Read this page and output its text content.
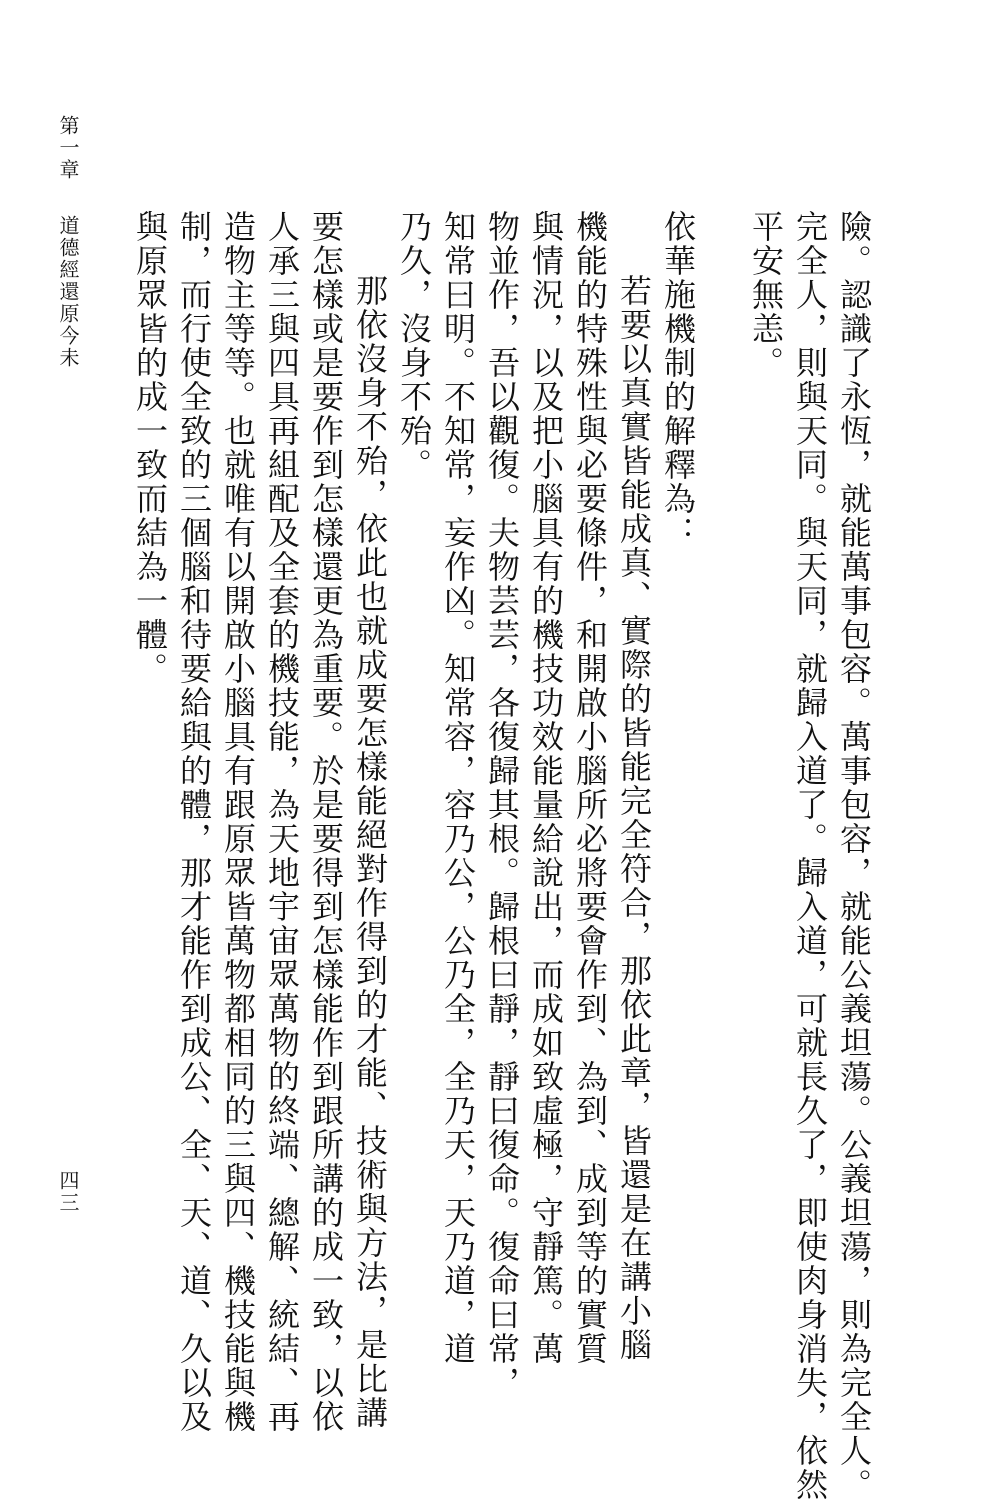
第一章道德經還原今未
四三	險。認識了永恆，就能萬事包容。萬事包容，就能公義坦蕩。公義坦蕩，則為完全人。
完全人，則與天同。與天同，就歸入道了。歸入道，可就長久了，即使肉身消失，依然
平安無恙。
依華施機制的解釋為：
　若要以真實皆能成真、實際的皆能完全符合，那依此章，皆還是在講小腦
機能的特殊性與必要條件，和開啟小腦所必將要會作到、為到、成到等的實質
與情況，以及把小腦具有的機技功效能量給說出，而成如致虛極，守靜篤。萬
物並作，吾以觀復。夫物芸芸，各復歸其根。歸根曰靜，靜曰復命。復命曰常，
知常曰明。不知常，妄作凶。知常容，容乃公，公乃全，全乃天，天乃道，道
乃久，沒身不殆。
　那依沒身不殆，依此也就成要怎樣能絕對作得到的才能、技術與方法，是比講
要怎樣或是要作到怎樣還更為重要。於是要得到怎樣能作到跟所講的成一致，以依
人承三與四具再組配及全套的機技能，為天地宇宙眾萬物的終端、總解、統結、再
造物主等等。也就唯有以開啟小腦具有跟原眾皆萬物都相同的三與四、機技能與機
制，而行使全致的三個腦和待要給與的體，那才能作到成公、全、天、道、久以及
與原眾皆的成一致而結為一體。
